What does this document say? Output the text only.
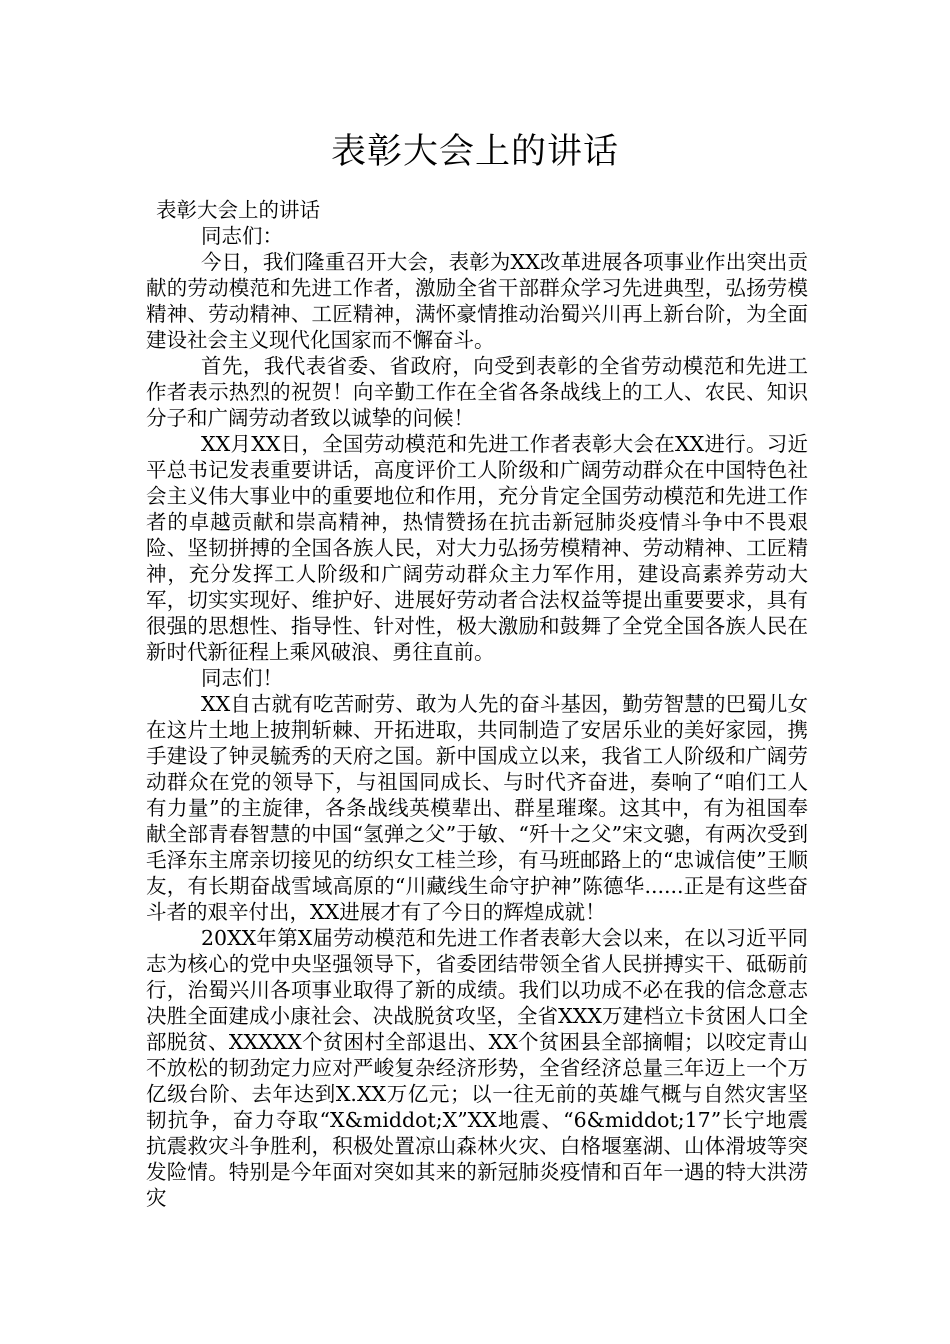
表彰大会上的讲话

表彰大会上的讲话

同志们：

今日，我们隆重召开大会，表彰为XX改革进展各项事业作出突出贡献的劳动模范和先进工作者，激励全省干部群众学习先进典型，弘扬劳模精神、劳动精神、工匠精神，满怀豪情推动治蜀兴川再上新台阶，为全面建设社会主义现代化国家而不懈奋斗。

首先，我代表省委、省政府，向受到表彰的全省劳动模范和先进工作者表示热烈的祝贺！向辛勤工作在全省各条战线上的工人、农民、知识分子和广阔劳动者致以诚挚的问候！

XX月XX日，全国劳动模范和先进工作者表彰大会在XX进行。习近平总书记发表重要讲话，高度评价工人阶级和广阔劳动群众在中国特色社会主义伟大事业中的重要地位和作用，充分肯定全国劳动模范和先进工作者的卓越贡献和崇高精神，热情赞扬在抗击新冠肺炎疫情斗争中不畏艰险、坚韧拼搏的全国各族人民，对大力弘扬劳模精神、劳动精神、工匠精神，充分发挥工人阶级和广阔劳动群众主力军作用，建设高素养劳动大军，切实实现好、维护好、进展好劳动者合法权益等提出重要要求，具有很强的思想性、指导性、针对性，极大激励和鼓舞了全党全国各族人民在新时代新征程上乘风破浪、勇往直前。

同志们！

XX自古就有吃苦耐劳、敢为人先的奋斗基因，勤劳智慧的巴蜀儿女在这片土地上披荆斩棘、开拓进取，共同制造了安居乐业的美好家园，携手建设了钟灵毓秀的天府之国。新中国成立以来，我省工人阶级和广阔劳动群众在党的领导下，与祖国同成长、与时代齐奋进，奏响了“咱们工人有力量”的主旋律，各条战线英模辈出、群星璀璨。这其中，有为祖国奉献全部青春智慧的中国“氢弹之父”于敏、“歼十之父”宋文骢，有两次受到毛泽东主席亲切接见的纺织女工桂兰珍，有马班邮路上的“忠诚信使”王顺友，有长期奋战雪域高原的“川藏线生命守护神”陈德华......正是有这些奋斗者的艰辛付出，XX进展才有了今日的辉煌成就！

20XX年第X届劳动模范和先进工作者表彰大会以来，在以习近平同志为核心的党中央坚强领导下，省委团结带领全省人民拼搏实干、砥砺前行，治蜀兴川各项事业取得了新的成绩。我们以功成不必在我的信念意志决胜全面建成小康社会、决战脱贫攻坚，全省XXX万建档立卡贫困人口全部脱贫、XXXXX个贫困村全部退出、XX个贫困县全部摘帽；以咬定青山不放松的韧劲定力应对严峻复杂经济形势，全省经济总量三年迈上一个万亿级台阶、去年达到X.XX万亿元；以一往无前的英雄气概与自然灾害坚韧抗争，奋力夺取“X&middot;X”XX地震、“6&middot;17”长宁地震抗震救灾斗争胜利，积极处置凉山森林火灾、白格堰塞湖、山体滑坡等突发险情。特别是今年面对突如其来的新冠肺炎疫情和百年一遇的特大洪涝灾
